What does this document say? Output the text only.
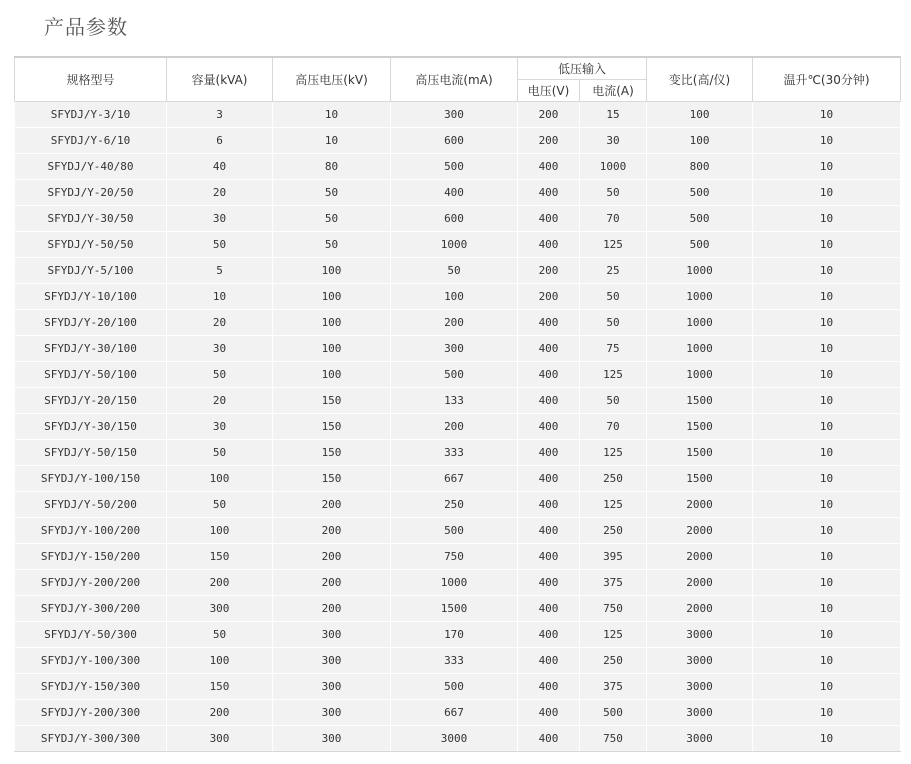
产品参数
规格型号	容量(kVA)	高压电压(kV)	高压电流(mA)	低压输入		变比(高/仪)	温升℃(30分钟)
				电压(V)	电流(A)		
SFYDJ/Y-3/10	3	10	300	200	15	100	10
SFYDJ/Y-6/10	6	10	600	200	30	100	10
SFYDJ/Y-40/80	40	80	500	400	1000	800	10
SFYDJ/Y-20/50	20	50	400	400	50	500	10
SFYDJ/Y-30/50	30	50	600	400	70	500	10
SFYDJ/Y-50/50	50	50	1000	400	125	500	10
SFYDJ/Y-5/100	5	100	50	200	25	1000	10
SFYDJ/Y-10/100	10	100	100	200	50	1000	10
SFYDJ/Y-20/100	20	100	200	400	50	1000	10
SFYDJ/Y-30/100	30	100	300	400	75	1000	10
SFYDJ/Y-50/100	50	100	500	400	125	1000	10
SFYDJ/Y-20/150	20	150	133	400	50	1500	10
SFYDJ/Y-30/150	30	150	200	400	70	1500	10
SFYDJ/Y-50/150	50	150	333	400	125	1500	10
SFYDJ/Y-100/150	100	150	667	400	250	1500	10
SFYDJ/Y-50/200	50	200	250	400	125	2000	10
SFYDJ/Y-100/200	100	200	500	400	250	2000	10
SFYDJ/Y-150/200	150	200	750	400	395	2000	10
SFYDJ/Y-200/200	200	200	1000	400	375	2000	10
SFYDJ/Y-300/200	300	200	1500	400	750	2000	10
SFYDJ/Y-50/300	50	300	170	400	125	3000	10
SFYDJ/Y-100/300	100	300	333	400	250	3000	10
SFYDJ/Y-150/300	150	300	500	400	375	3000	10
SFYDJ/Y-200/300	200	300	667	400	500	3000	10
SFYDJ/Y-300/300	300	300	3000	400	750	3000	10
